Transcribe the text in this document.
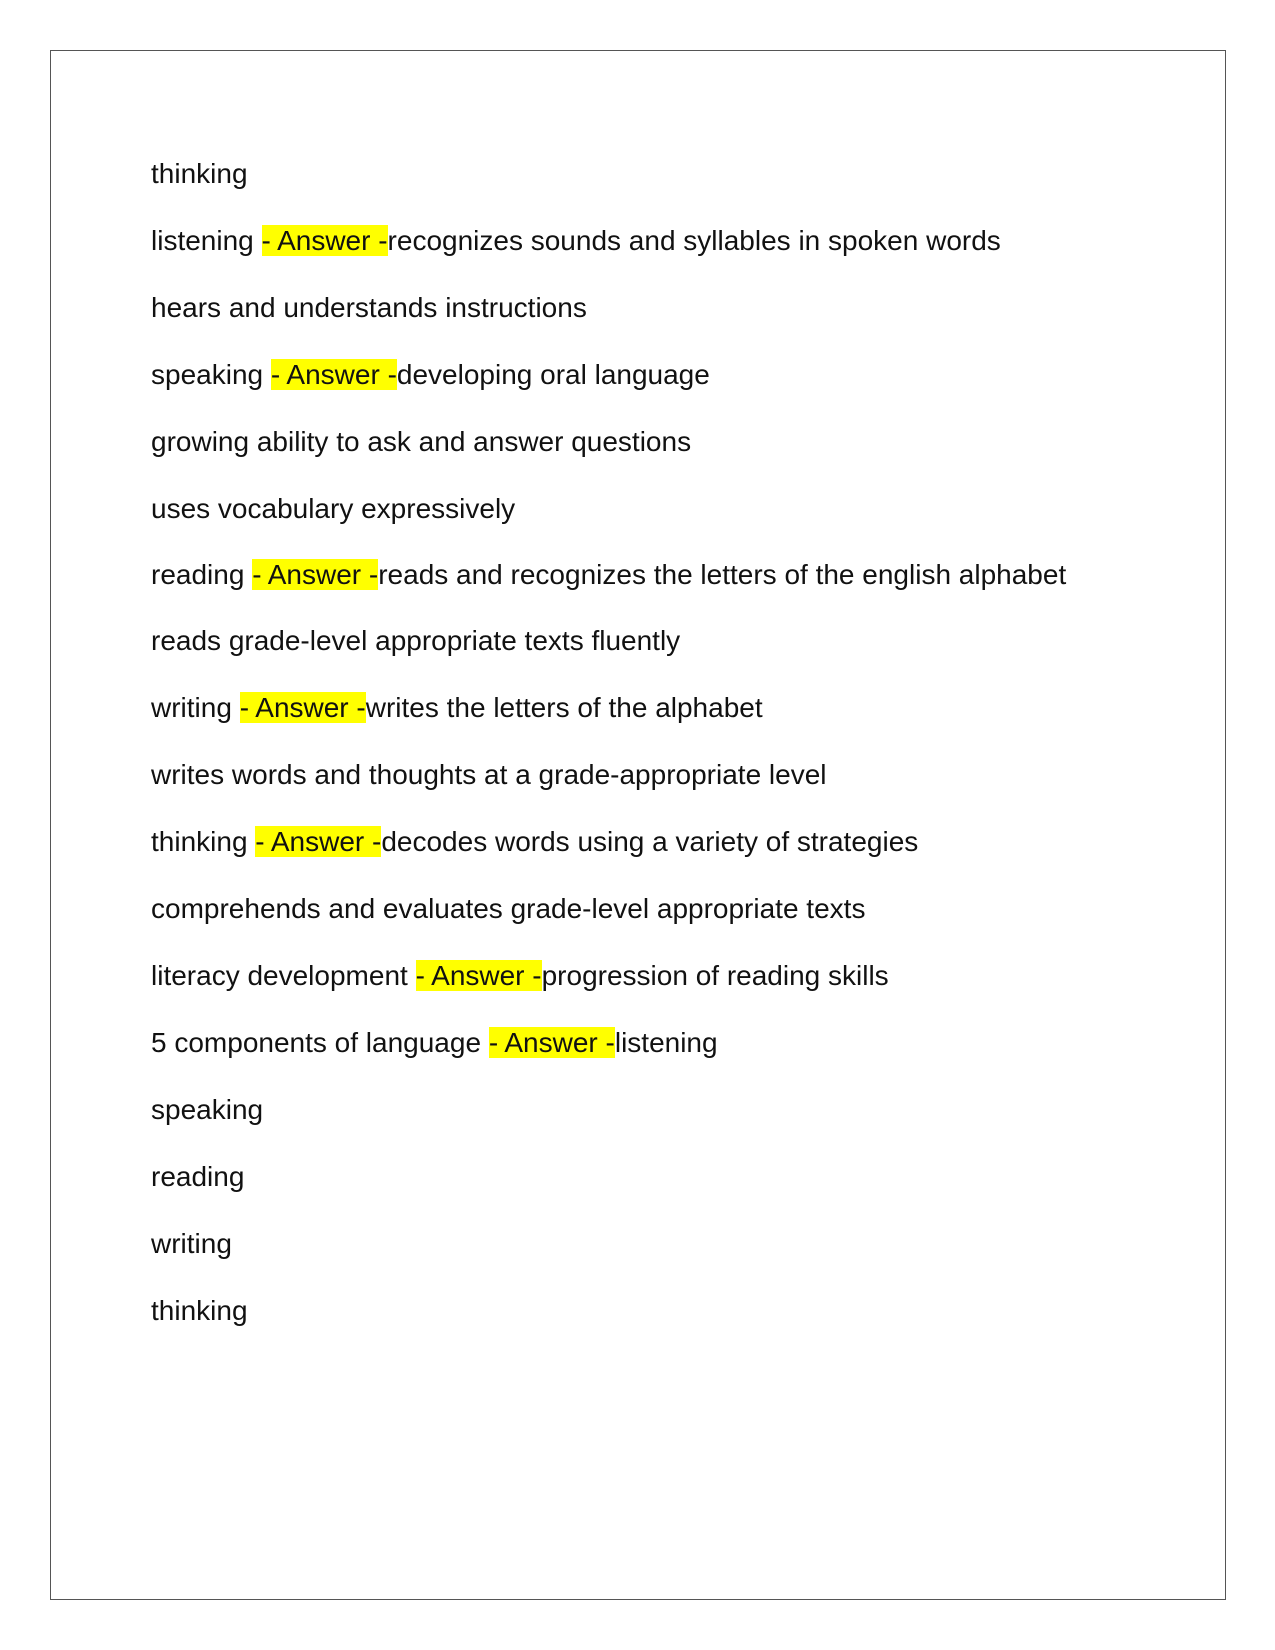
thinking

listening - Answer -recognizes sounds and syllables in spoken words

hears and understands instructions

speaking - Answer -developing oral language

growing ability to ask and answer questions

uses vocabulary expressively

reading - Answer -reads and recognizes the letters of the english alphabet

reads grade-level appropriate texts fluently

writing - Answer -writes the letters of the alphabet

writes words and thoughts at a grade-appropriate level

thinking - Answer -decodes words using a variety of strategies

comprehends and evaluates grade-level appropriate texts

literacy development - Answer -progression of reading skills

5 components of language - Answer -listening

speaking

reading

writing

thinking
